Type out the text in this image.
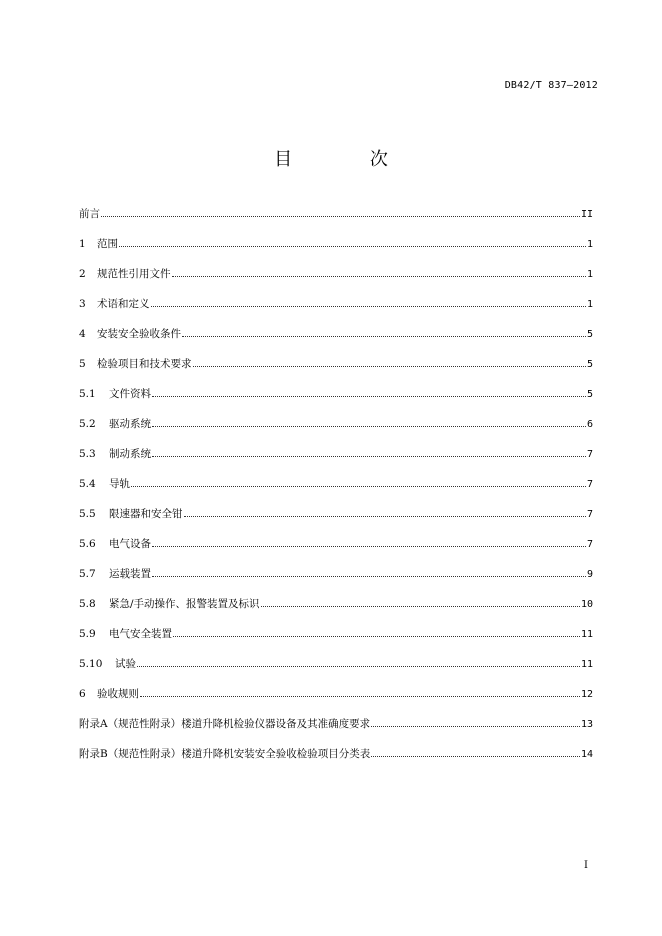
DB42/T 837—2012
目 次
前言	II
1	范围	1
2	规范性引用文件	1
3	术语和定义	1
4	安装安全验收条件	5
5	检验项目和技术要求	5
5.1	文件资料	5
5.2	驱动系统	6
5.3	制动系统	7
5.4	导轨	7
5.5	限速器和安全钳	7
5.6	电气设备	7
5.7	运载装置	9
5.8	紧急/手动操作、报警装置及标识	10
5.9	电气安全装置	11
5.10	试验	11
6	验收规则	12
附录A（规范性附录）楼道升降机检验仪器设备及其准确度要求	13
附录B（规范性附录）楼道升降机安装安全验收检验项目分类表	14
I
